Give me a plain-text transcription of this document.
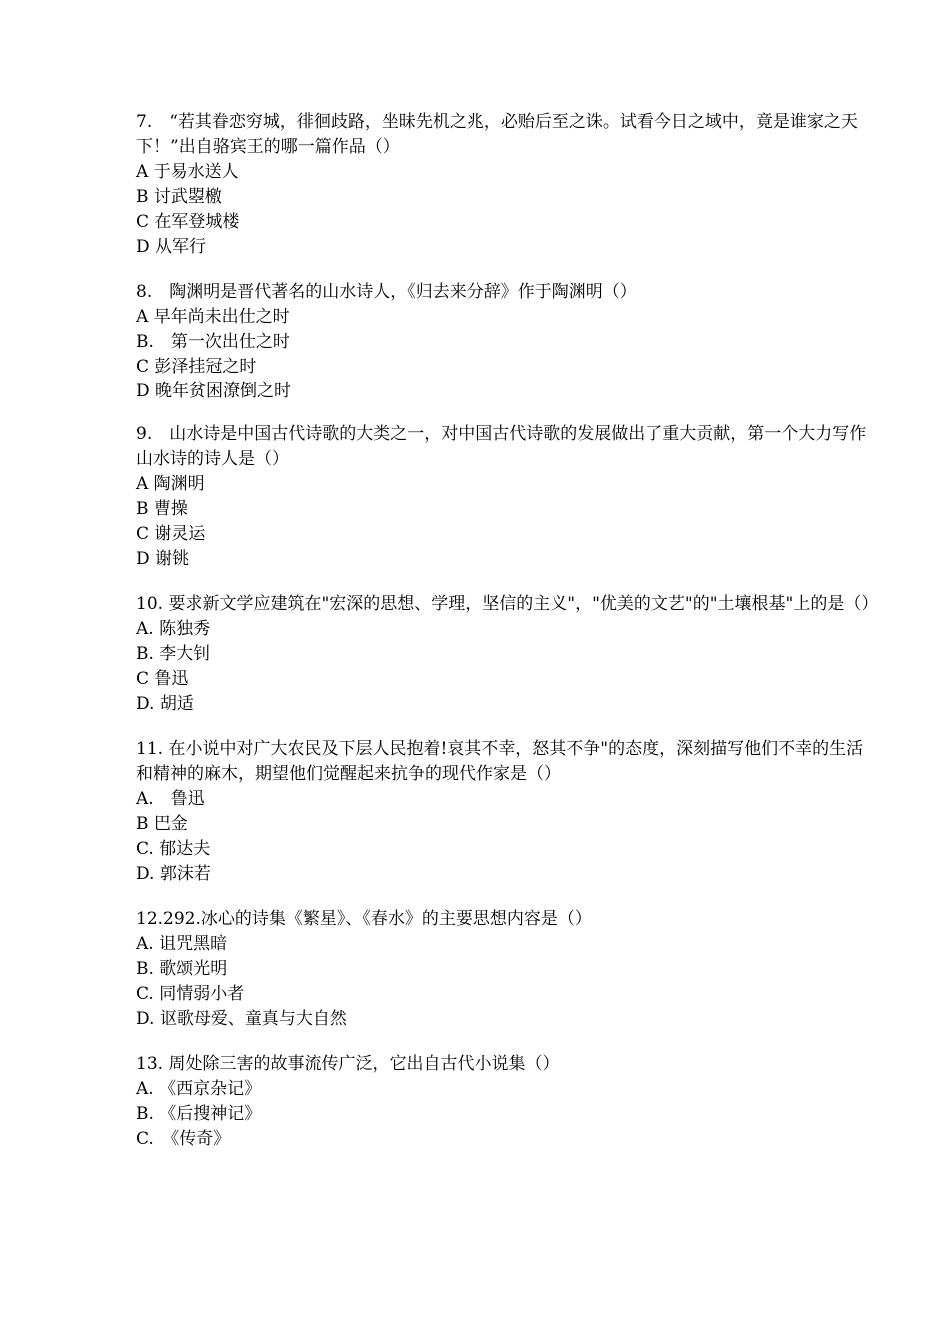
7.　“若其眷恋穷城，徘徊歧路，坐昧先机之兆，必贻后至之诛。试看今日之域中，竟是谁家之天下！”出自骆宾王的哪一篇作品（）

A 于易水送人

B 讨武曌檄

C 在军登城楼

D 从军行

8.　陶渊明是晋代著名的山水诗人，《归去来分辞》作于陶渊明（）

A 早年尚未出仕之时

B.　第一次出仕之时

C 彭泽挂冠之时

D 晚年贫困潦倒之时

9.　山水诗是中国古代诗歌的大类之一，对中国古代诗歌的发展做出了重大贡献，第一个大力写作山水诗的诗人是（）

A 陶渊明

B 曹操

C 谢灵运

D 谢铫

10. 要求新文学应建筑在"宏深的思想、学理，坚信的主义"，"优美的文艺"的"土壤根基"上的是（）

A. 陈独秀

B. 李大钊

C 鲁迅

D. 胡适

11. 在小说中对广大农民及下层人民抱着!哀其不幸，怒其不争"的态度，深刻描写他们不幸的生活和精神的麻木，期望他们觉醒起来抗争的现代作家是（）

A.　鲁迅

B 巴金

C. 郁达夫

D. 郭沫若

12.292.冰心的诗集《繁星》、《春水》的主要思想内容是（）

A. 诅咒黑暗

B. 歌颂光明

C. 同情弱小者

D. 讴歌母爱、童真与大自然

13. 周处除三害的故事流传广泛，它出自古代小说集（）

A. 《西京杂记》

B. 《后搜神记》

C.　《传奇》
